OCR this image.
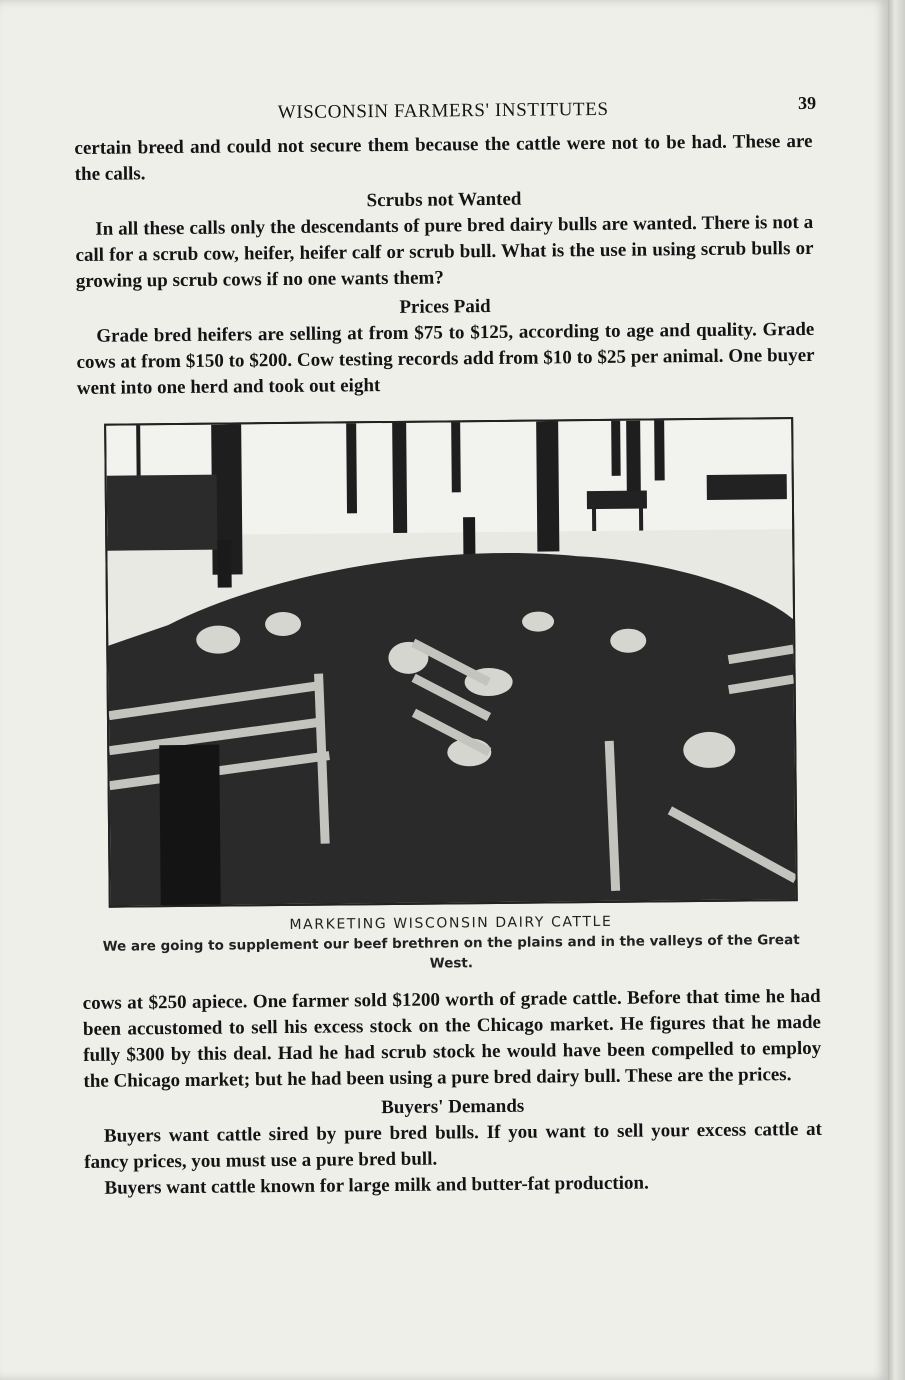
WISCONSIN FARMERS' INSTITUTES	39

certain breed and could not secure them because the cattle were not to be had. These are the calls.

Scrubs not Wanted

In all these calls only the descendants of pure bred dairy bulls are wanted. There is not a call for a scrub cow, heifer, heifer calf or scrub bull. What is the use in using scrub bulls or growing up scrub cows if no one wants them?

Prices Paid

Grade bred heifers are selling at from $75 to $125, according to age and quality. Grade cows at from $150 to $200. Cow testing records add from $10 to $25 per animal. One buyer went into one herd and took out eight

MARKETING WISCONSIN DAIRY CATTLE
We are going to supplement our beef brethren on the plains and in the valleys of the Great West.

cows at $250 apiece. One farmer sold $1200 worth of grade cattle. Before that time he had been accustomed to sell his excess stock on the Chicago market. He figures that he made fully $300 by this deal. Had he had scrub stock he would have been compelled to employ the Chicago market; but he had been using a pure bred dairy bull. These are the prices.

Buyers' Demands

Buyers want cattle sired by pure bred bulls. If you want to sell your excess cattle at fancy prices, you must use a pure bred bull.

Buyers want cattle known for large milk and butter-fat production.
